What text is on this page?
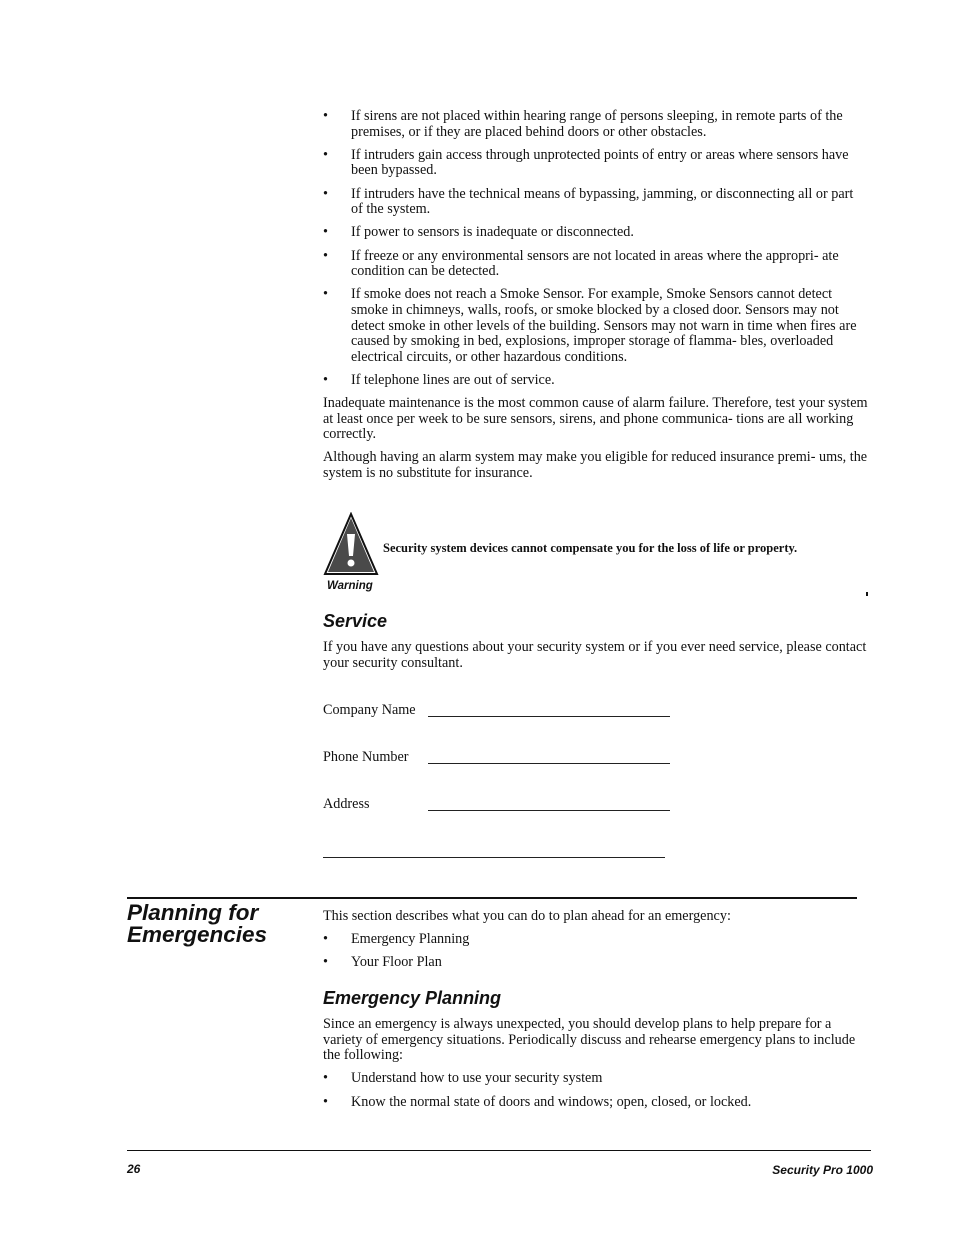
• If sirens are not placed within hearing range of persons sleeping, in remote parts of the premises, or if they are placed behind doors or other obstacles.
• If intruders gain access through unprotected points of entry or areas where sensors have been bypassed.
• If intruders have the technical means of bypassing, jamming, or disconnecting all or part of the system.
• If power to sensors is inadequate or disconnected.
• If freeze or any environmental sensors are not located in areas where the appropri- ate condition can be detected.
• If smoke does not reach a Smoke Sensor. For example, Smoke Sensors cannot detect smoke in chimneys, walls, roofs, or smoke blocked by a closed door. Sensors may not detect smoke in other levels of the building. Sensors may not warn in time when fires are caused by smoking in bed, explosions, improper storage of flamma- bles, overloaded electrical circuits, or other hazardous conditions.
• If telephone lines are out of service.

Inadequate maintenance is the most common cause of alarm failure. Therefore, test your system at least once per week to be sure sensors, sirens, and phone communica- tions are all working correctly.

Although having an alarm system may make you eligible for reduced insurance premi- ums, the system is no substitute for insurance.

Warning
Security system devices cannot compensate you for the loss of life or property.
Service
If you have any questions about your security system or if you ever need service, please contact your security consultant.
Company Name
Phone Number
Address
Planning for
Emergencies

This section describes what you can do to plan ahead for an emergency:

• Emergency Planning
• Your Floor Plan
Emergency Planning

Since an emergency is always unexpected, you should develop plans to help prepare for a variety of emergency situations. Periodically discuss and rehearse emergency plans to include the following:

• Understand how to use your security system
• Know the normal state of doors and windows; open, closed, or locked.
26	Security Pro 1000
